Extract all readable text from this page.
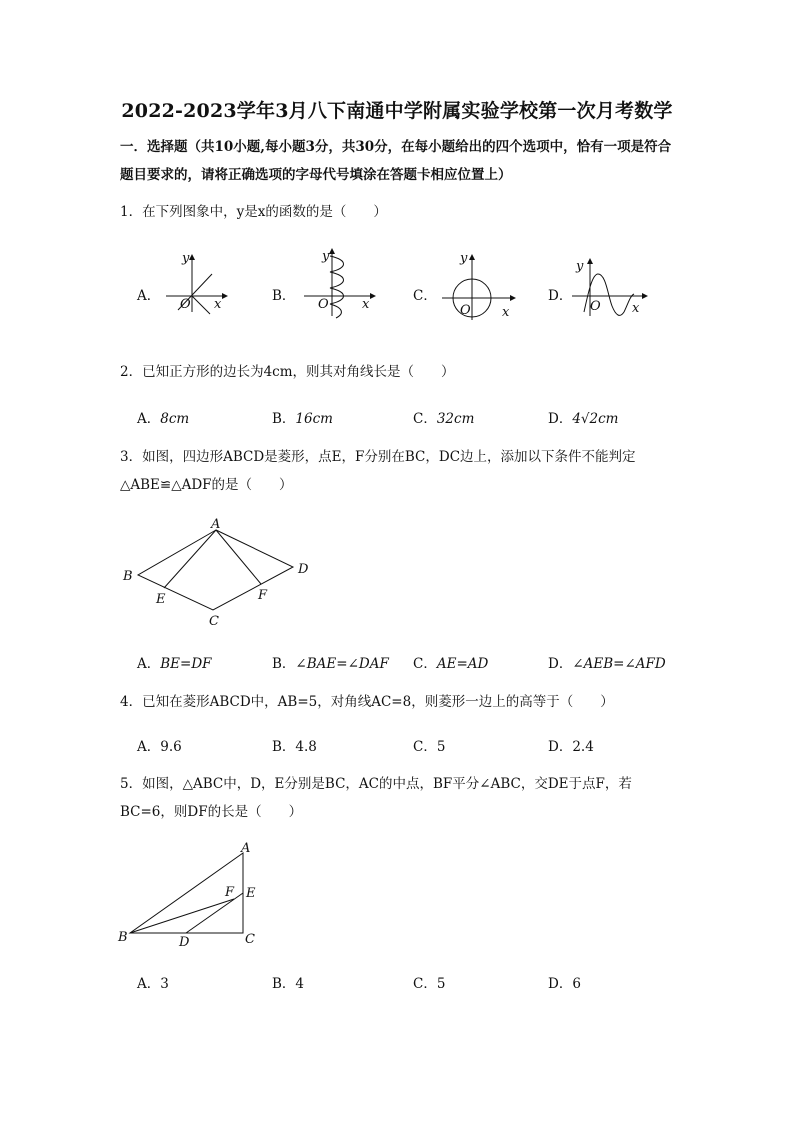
2022-2023学年3月八下南通中学附属实验学校第一次月考数学
一．选择题（共10小题,每小题3分，共30分，在每小题给出的四个选项中，恰有一项是符合题目要求的，请将正确选项的字母代号填涂在答题卡相应位置上）
1．在下列图象中，y是x的函数的是（　　）
A．
y
O x
B．
y
O	x
C．
y
O x
D．
y
O x
2．已知正方形的边长为4cm，则其对角线长是（　　）
A．8cm	B．16cm	C．32cm	D．4√2cm
3．如图，四边形ABCD是菱形，点E，F分别在BC，DC边上，添加以下条件不能判定
△ABE≌△ADF的是（　　）
A
B
C
D
E	F
A．BE=DF	B．∠BAE=∠DAF C．AE=AD	D．∠AEB=∠AFD
4．已知在菱形ABCD中，AB=5，对角线AC=8，则菱形一边上的高等于（　　）
A．9.6	B．4.8	C．5	D．2.4
5．如图，△ABC中，D，E分别是BC，AC的中点，BF平分∠ABC，交DE于点F，若
BC=6，则DF的长是（　　）
A
B	C
D
E
F
A．3	B．4	C．5	D．6
